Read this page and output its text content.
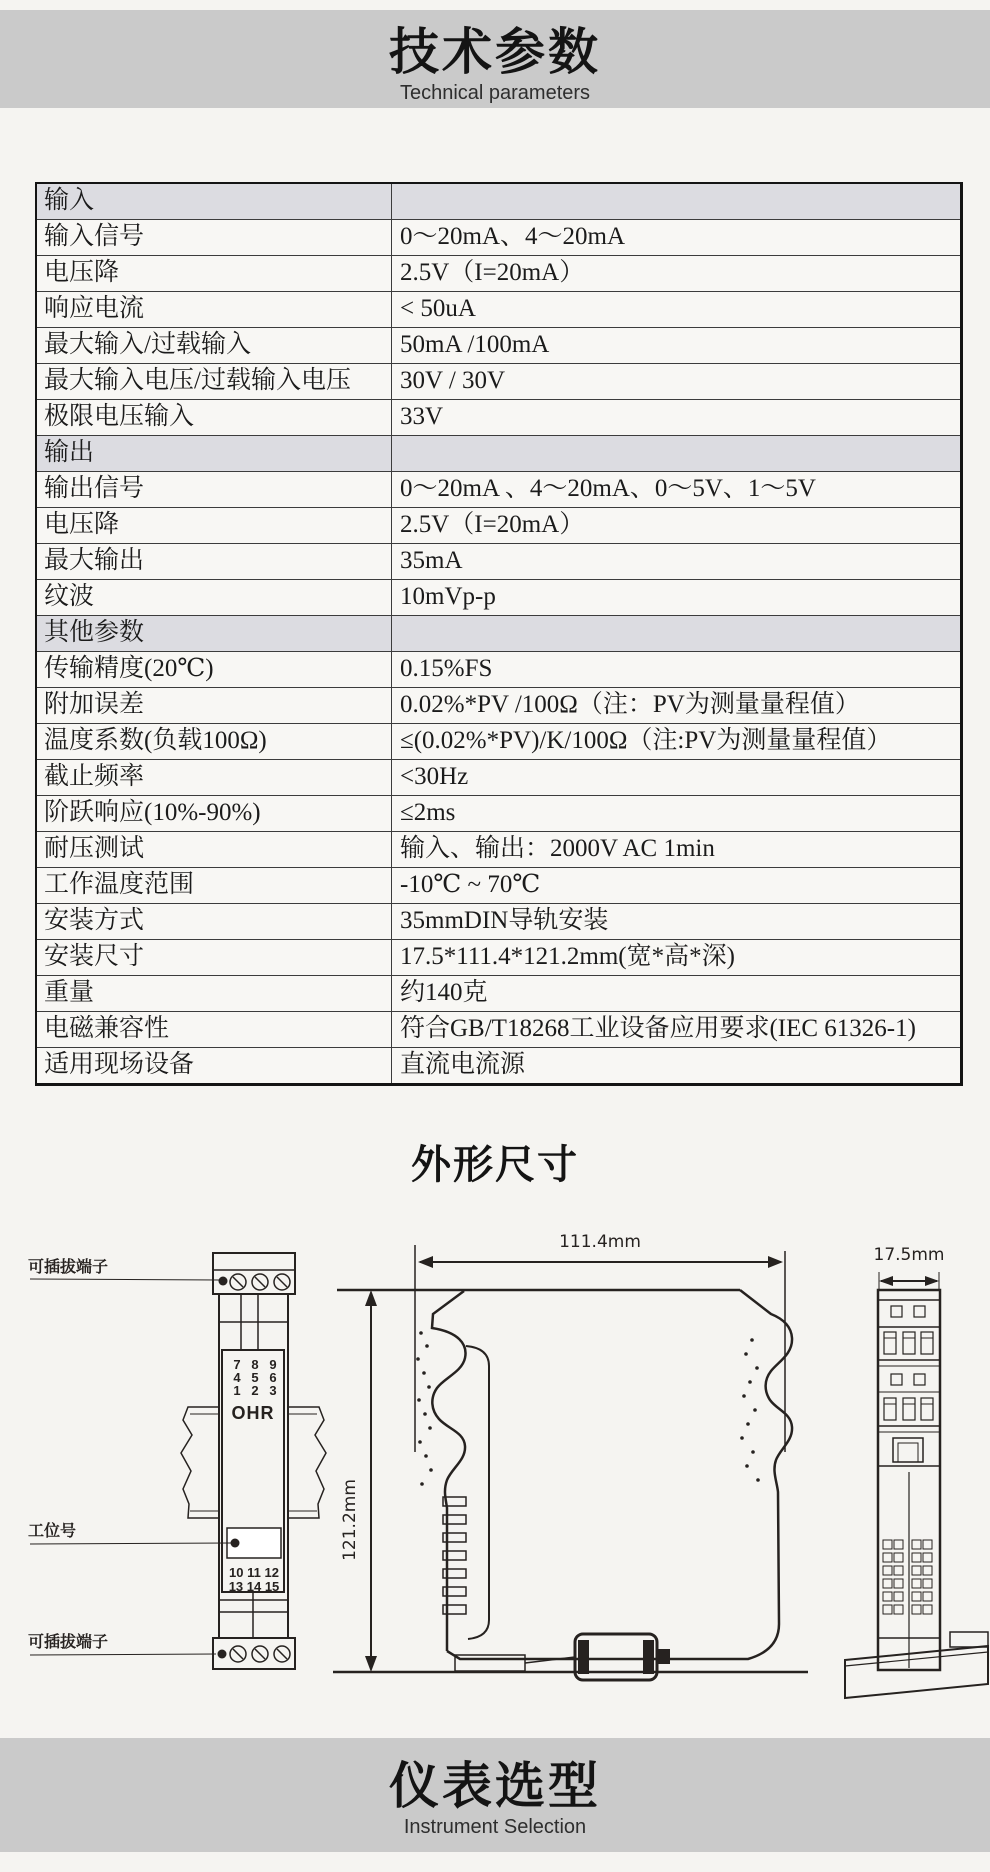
技术参数
Technical parameters
输入
输入信号	0～20mA、4～20mA
电压降	2.5V（I=20mA）
响应电流	< 50uA
最大输入/过载输入	50mA /100mA
最大输入电压/过载输入电压	30V / 30V
极限电压输入	33V
输出
输出信号	0～20mA 、4～20mA、0～5V、1～5V
电压降	2.5V（I=20mA）
最大输出	35mA
纹波	10mVp-p
其他参数
传输精度(20℃)	0.15%FS
附加误差	0.02%*PV /100Ω（注：PV为测量量程值）
温度系数(负载100Ω)	≤(0.02%*PV)/K/100Ω（注:PV为测量量程值）
截止频率	<30Hz
阶跃响应(10%-90%)	≤2ms
耐压测试	输入、输出：2000V AC 1min
工作温度范围	-10℃ ~ 70℃
安装方式	35mmDIN导轨安装
安装尺寸	17.5*111.4*121.2mm(宽*高*深)
重量	约140克
电磁兼容性	符合GB/T18268工业设备应用要求(IEC 61326-1)
适用现场设备	直流电流源
外形尺寸
可插拔端子
7 8 9
4 5 6
1 2 3
OHR
工位号
10 11 12
13 14 15
可插拔端子
111.4mm
121.2mm
17.5mm
仪表选型
Instrument Selection
